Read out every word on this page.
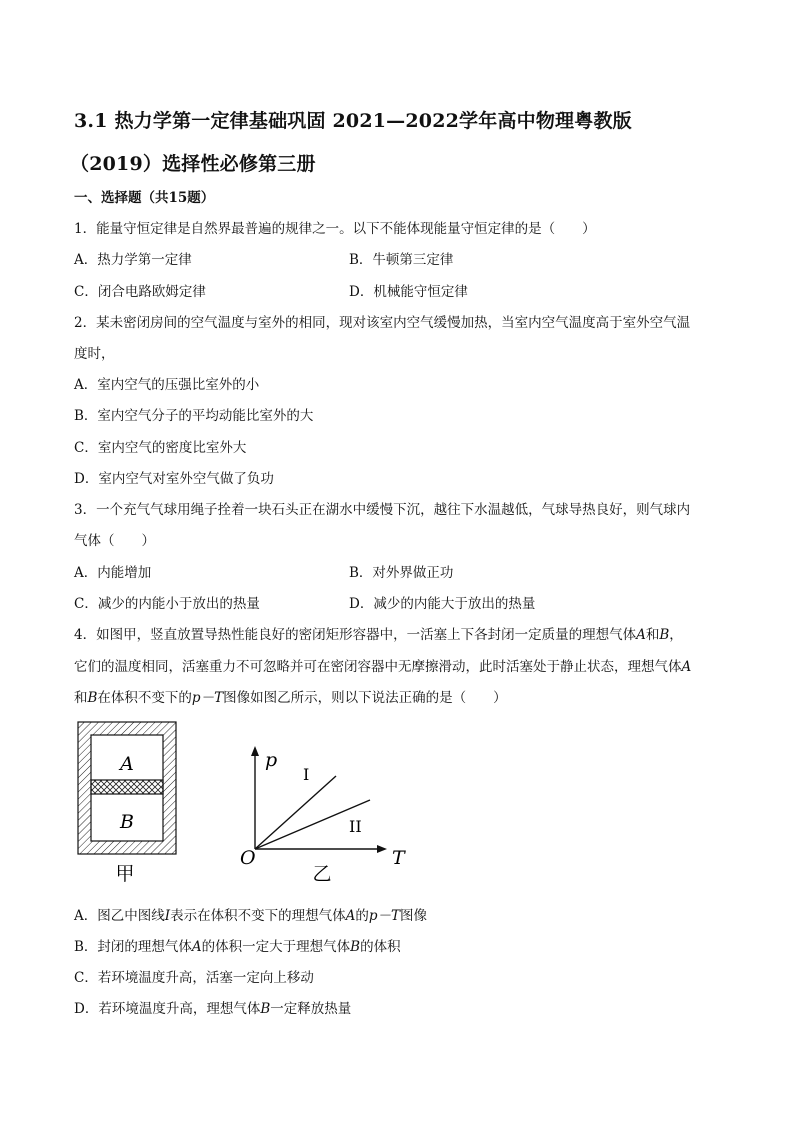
3.1 热力学第一定律基础巩固 2021—2022学年高中物理粤教版
（2019）选择性必修第三册
一、选择题（共15题）
1．能量守恒定律是自然界最普遍的规律之一。以下不能体现能量守恒定律的是（　　）
A．热力学第一定律	B．牛顿第三定律
C．闭合电路欧姆定律	D．机械能守恒定律
2．某未密闭房间的空气温度与室外的相同，现对该室内空气缓慢加热，当室内空气温度高于室外空气温
度时，
A．室内空气的压强比室外的小
B．室内空气分子的平均动能比室外的大
C．室内空气的密度比室外大
D．室内空气对室外空气做了负功
3．一个充气气球用绳子拴着一块石头正在湖水中缓慢下沉，越往下水温越低，气球导热良好，则气球内
气体（　　）
A．内能增加	B．对外界做正功
C．减少的内能小于放出的热量	D．减少的内能大于放出的热量
4．如图甲，竖直放置导热性能良好的密闭矩形容器中，一活塞上下各封闭一定质量的理想气体A和B，
它们的温度相同，活塞重力不可忽略并可在密闭容器中无摩擦滑动，此时活塞处于静止状态，理想气体A
和B在体积不变下的p－T图像如图乙所示，则以下说法正确的是（　　）
A
B
甲
p
T
O
I
II
乙
A．图乙中图线I表示在体积不变下的理想气体A的p－T图像
B．封闭的理想气体A的体积一定大于理想气体B的体积
C．若环境温度升高，活塞一定向上移动
D．若环境温度升高，理想气体B一定释放热量
